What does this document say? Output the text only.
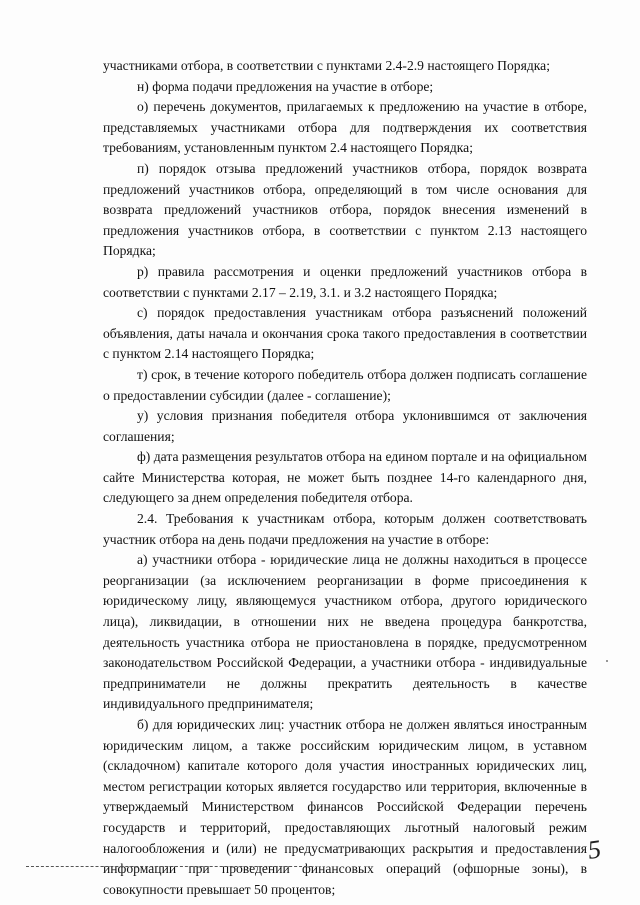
участниками отбора, в соответствии с пунктами 2.4-2.9 настоящего Порядка;

н) форма подачи предложения на участие в отборе;

о) перечень документов, прилагаемых к предложению на участие в отборе, представляемых участниками отбора для подтверждения их соответствия требованиям, установленным пунктом 2.4 настоящего Порядка;

п) порядок отзыва предложений участников отбора, порядок возврата предложений участников отбора, определяющий в том числе основания для возврата предложений участников отбора, порядок внесения изменений в предложения участников отбора, в соответствии с пунктом 2.13 настоящего Порядка;

р) правила рассмотрения и оценки предложений участников отбора в соответствии с пунктами 2.17 – 2.19, 3.1. и 3.2 настоящего Порядка;

с) порядок предоставления участникам отбора разъяснений положений объявления, даты начала и окончания срока такого предоставления в соответствии с пунктом 2.14 настоящего Порядка;

т) срок, в течение которого победитель отбора должен подписать соглашение о предоставлении субсидии (далее - соглашение);

у) условия признания победителя отбора уклонившимся от заключения соглашения;

ф) дата размещения результатов отбора на едином портале и на официальном сайте Министерства которая, не может быть позднее 14-го календарного дня, следующего за днем определения победителя отбора.

2.4. Требования к участникам отбора, которым должен соответствовать участник отбора на день подачи предложения на участие в отборе:

а) участники отбора - юридические лица не должны находиться в процессе реорганизации (за исключением реорганизации в форме присоединения к юридическому лицу, являющемуся участником отбора, другого юридического лица), ликвидации, в отношении них не введена процедура банкротства, деятельность участника отбора не приостановлена в порядке, предусмотренном законодательством Российской Федерации, а участники отбора - индивидуальные предприниматели не должны прекратить деятельность в качестве индивидуального предпринимателя;

б) для юридических лиц: участник отбора не должен являться иностранным юридическим лицом, а также российским юридическим лицом, в уставном (складочном) капитале которого доля участия иностранных юридических лиц, местом регистрации которых является государство или территория, включенные в утверждаемый Министерством финансов Российской Федерации перечень государств и территорий, предоставляющих льготный налоговый режим налогообложения и (или) не предусматривающих раскрытия и предоставления информации при проведении финансовых операций (офшорные зоны), в совокупности превышает 50 процентов;

5
